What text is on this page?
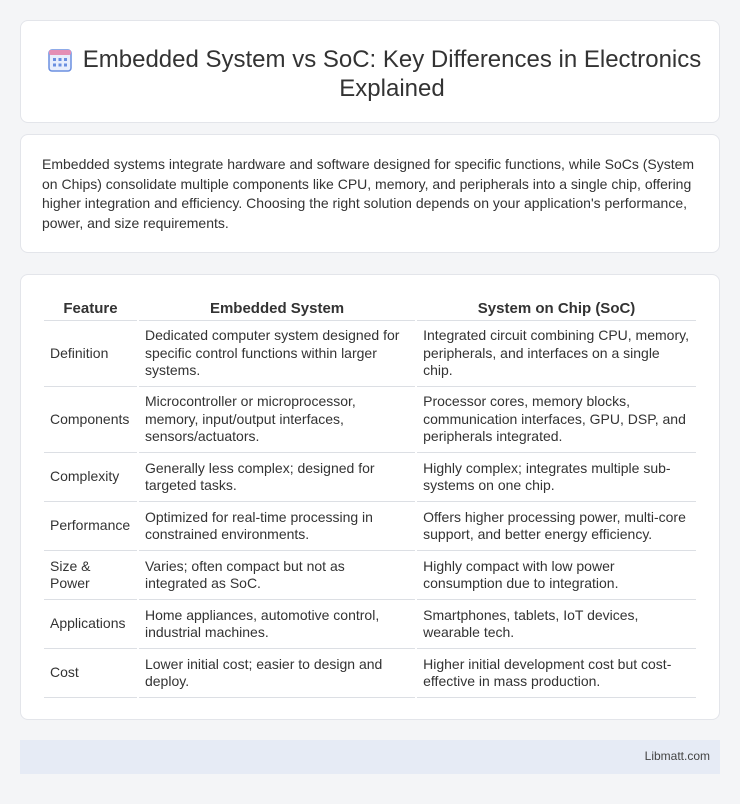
Embedded System vs SoC: Key Differences in Electronics Explained

Embedded systems integrate hardware and software designed for specific functions, while SoCs (System on Chips) consolidate multiple components like CPU, memory, and peripherals into a single chip, offering higher integration and efficiency. Choosing the right solution depends on your application's performance, power, and size requirements.

Feature	Embedded System	System on Chip (SoC)
Definition	Dedicated computer system designed for specific control functions within larger systems.	Integrated circuit combining CPU, memory, peripherals, and interfaces on a single chip.
Components	Microcontroller or microprocessor, memory, input/output interfaces, sensors/actuators.	Processor cores, memory blocks, communication interfaces, GPU, DSP, and peripherals integrated.
Complexity	Generally less complex; designed for targeted tasks.	Highly complex; integrates multiple sub-systems on one chip.
Performance	Optimized for real-time processing in constrained environments.	Offers higher processing power, multi-core support, and better energy efficiency.
Size & Power	Varies; often compact but not as integrated as SoC.	Highly compact with low power consumption due to integration.
Applications	Home appliances, automotive control, industrial machines.	Smartphones, tablets, IoT devices, wearable tech.
Cost	Lower initial cost; easier to design and deploy.	Higher initial development cost but cost-effective in mass production.
Libmatt.com
